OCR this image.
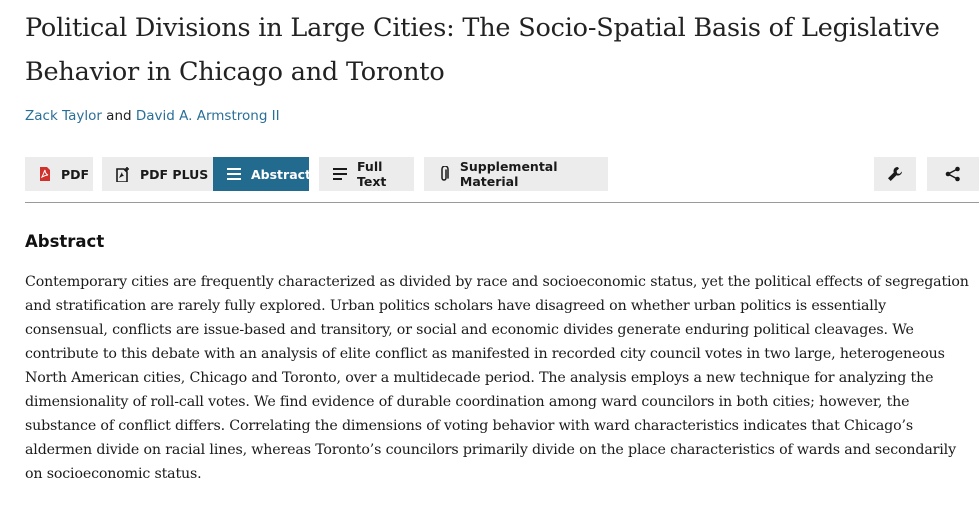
Political Divisions in Large Cities: The Socio-Spatial Basis of Legislative Behavior in Chicago and Toronto
Zack Taylor and David A. Armstrong II
PDF	PDF PLUS	Abstract	Full Text
Supplemental Material
Abstract

Contemporary cities are frequently characterized as divided by race and socioeconomic status, yet the political effects of segregation and stratification are rarely fully explored. Urban politics scholars have disagreed on whether urban politics is essentially consensual, conflicts are issue-based and transitory, or social and economic divides generate enduring political cleavages. We contribute to this debate with an analysis of elite conflict as manifested in recorded city council votes in two large, heterogeneous North American cities, Chicago and Toronto, over a multidecade period. The analysis employs a new technique for analyzing the dimensionality of roll-call votes. We find evidence of durable coordination among ward councilors in both cities; however, the substance of conflict differs. Correlating the dimensions of voting behavior with ward characteristics indicates that Chicago’s aldermen divide on racial lines, whereas Toronto’s councilors primarily divide on the place characteristics of wards and secondarily on socioeconomic status.
